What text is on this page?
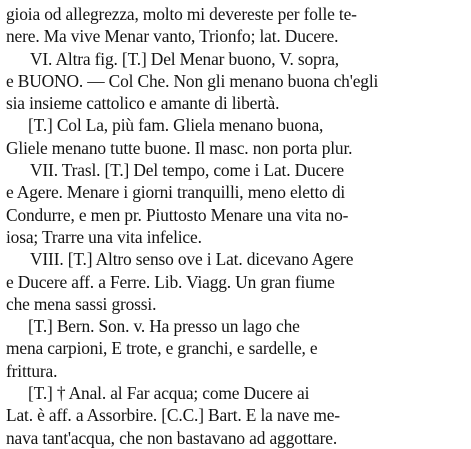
gioia od allegrezza, molto mi devereste per folle te-
nere. Ma vive Menar vanto, Trionfo; lat. Ducere.
VI. Altra fig. [T.] Del Menar buono, V. sopra,
e BUONO. — Col Che. Non gli menano buona ch'egli
sia insieme cattolico e amante di libertà.
[T.] Col La, più fam. Gliela menano buona,
Gliele menano tutte buone. Il masc. non porta plur.
VII. Trasl. [T.] Del tempo, come i Lat. Ducere
e Agere. Menare i giorni tranquilli, meno eletto di
Condurre, e men pr. Piuttosto Menare una vita no-
iosa; Trarre una vita infelice.
VIII. [T.] Altro senso ove i Lat. dicevano Agere
e Ducere aff. a Ferre. Lib. Viagg. Un gran fiume
che mena sassi grossi.
[T.] Bern. Son. v. Ha presso un lago che
mena carpioni, E trote, e granchi, e sardelle, e
frittura.
[T.] † Anal. al Far acqua; come Ducere ai
Lat. è aff. a Assorbire. [C.C.] Bart. E la nave me-
nava tant'acqua, che non bastavano ad aggottare.
